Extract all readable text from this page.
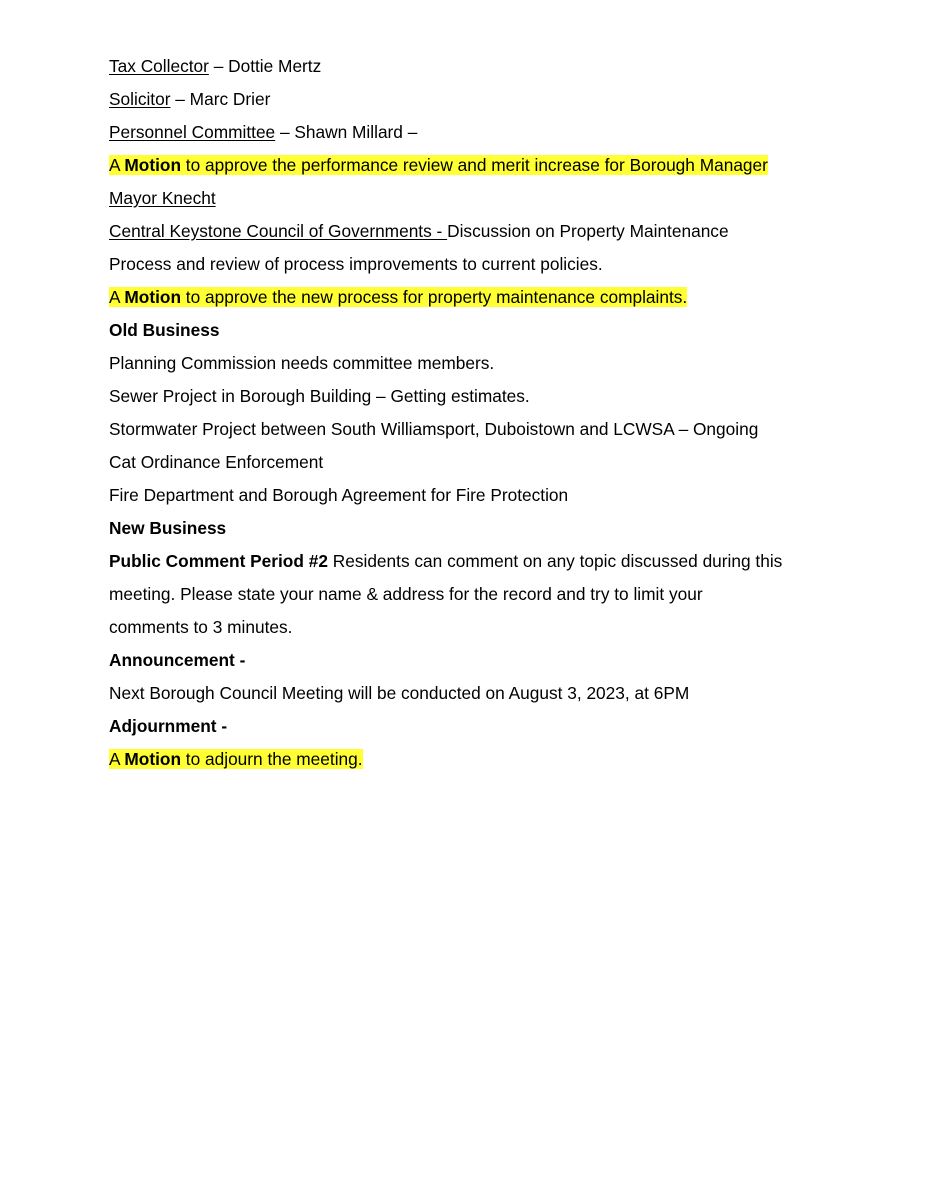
Tax Collector – Dottie Mertz
Solicitor – Marc Drier
Personnel Committee – Shawn Millard –
A Motion to approve the performance review and merit increase for Borough Manager
Mayor Knecht
Central Keystone Council of Governments - Discussion on Property Maintenance
Process and review of process improvements to current policies.
A Motion to approve the new process for property maintenance complaints.
Old Business
Planning Commission needs committee members.
Sewer Project in Borough Building – Getting estimates.
Stormwater Project between South Williamsport, Duboistown and LCWSA – Ongoing
Cat Ordinance Enforcement
Fire Department and Borough Agreement for Fire Protection
New Business
Public Comment Period #2 Residents can comment on any topic discussed during this
meeting. Please state your name & address for the record and try to limit your
comments to 3 minutes.
Announcement -
Next Borough Council Meeting will be conducted on August 3, 2023, at 6PM
Adjournment -
A Motion to adjourn the meeting.
